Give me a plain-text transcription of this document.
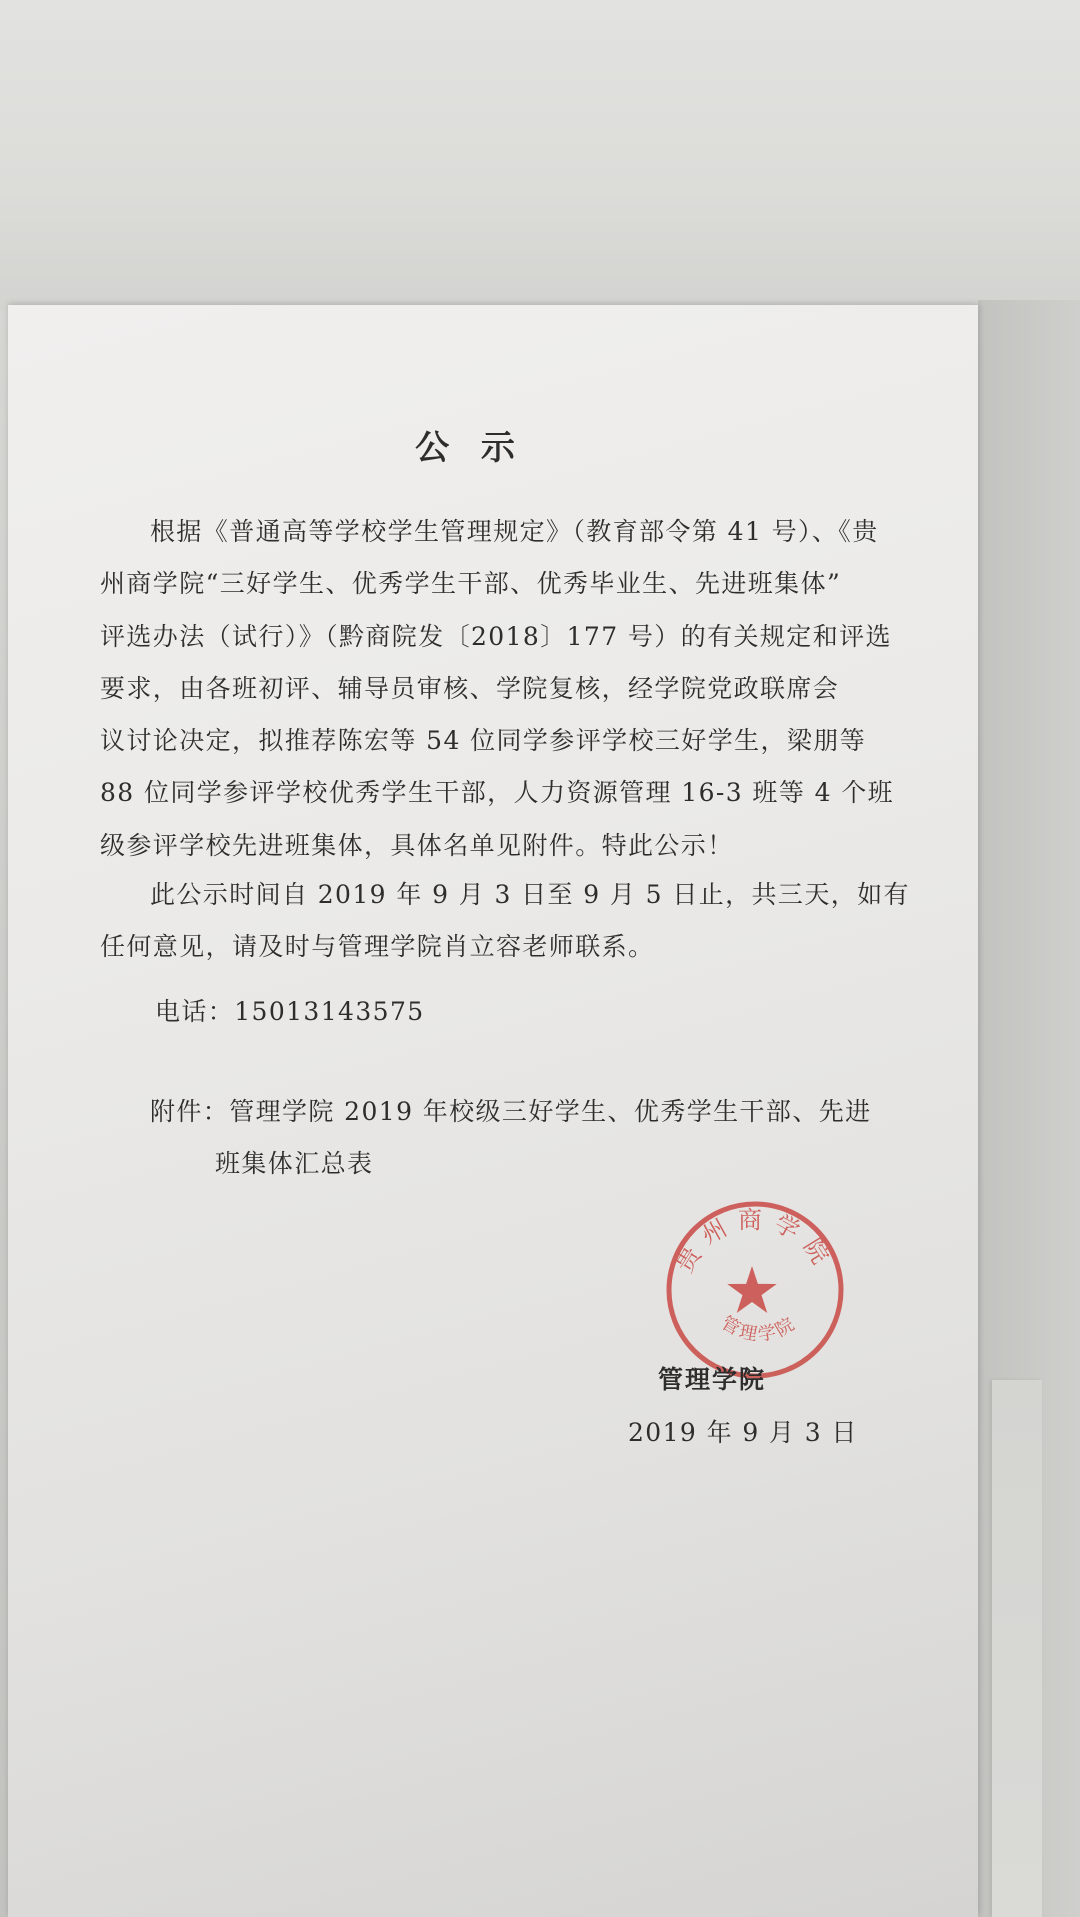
公 示
根据《普通高等学校学生管理规定》（教育部令第 41 号）、《贵
州商学院“三好学生、优秀学生干部、优秀毕业生、先进班集体”
评选办法（试行）》（黔商院发〔2018〕177 号）的有关规定和评选
要求，由各班初评、辅导员审核、学院复核，经学院党政联席会
议讨论决定，拟推荐陈宏等 54 位同学参评学校三好学生，梁朋等
88 位同学参评学校优秀学生干部，人力资源管理 16-3 班等 4 个班
级参评学校先进班集体，具体名单见附件。特此公示！
此公示时间自 2019 年 9 月 3 日至 9 月 5 日止，共三天，如有
任何意见，请及时与管理学院肖立容老师联系。
电话：15013143575
附件：管理学院 2019 年校级三好学生、优秀学生干部、先进
班集体汇总表
贵州商学院
管理学院
管理学院
2019 年 9 月 3 日
